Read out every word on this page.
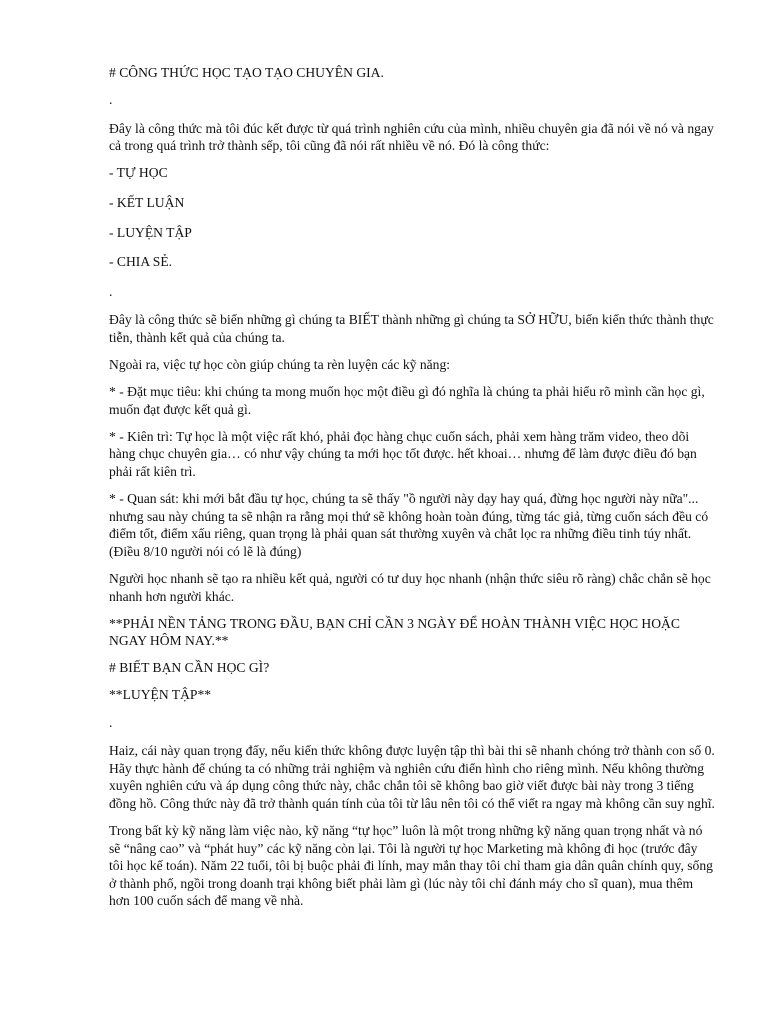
# CÔNG THỨC HỌC TẠO TẠO CHUYÊN GIA.

.

Đây là công thức mà tôi đúc kết được từ quá trình nghiên cứu của mình, nhiều chuyên gia đã nói về nó và ngay cả trong quá trình trở thành sếp, tôi cũng đã nói rất nhiều về nó. Đó là công thức:

- TỰ HỌC

- KẾT LUẬN

- LUYỆN TẬP

- CHIA SẺ.

.

Đây là công thức sẽ biến những gì chúng ta BIẾT thành những gì chúng ta SỞ HỮU, biến kiến thức thành thực tiễn, thành kết quả của chúng ta.

Ngoài ra, việc tự học còn giúp chúng ta rèn luyện các kỹ năng:

* - Đặt mục tiêu: khi chúng ta mong muốn học một điều gì đó nghĩa là chúng ta phải hiểu rõ mình cần học gì, muốn đạt được kết quả gì.

* - Kiên trì: Tự học là một việc rất khó, phải đọc hàng chục cuốn sách, phải xem hàng trăm video, theo dõi hàng chục chuyên gia… có như vậy chúng ta mới học tốt được. hết khoai… nhưng để làm được điều đó bạn phải rất kiên trì.

* - Quan sát: khi mới bắt đầu tự học, chúng ta sẽ thấy "ồ người này dạy hay quá, đừng học người này nữa"... nhưng sau này chúng ta sẽ nhận ra rằng mọi thứ sẽ không hoàn toàn đúng, từng tác giả, từng cuốn sách đều có điểm tốt, điểm xấu riêng, quan trọng là phải quan sát thường xuyên và chắt lọc ra những điều tinh túy nhất. (Điều 8/10 người nói có lẽ là đúng)

Người học nhanh sẽ tạo ra nhiều kết quả, người có tư duy học nhanh (nhận thức siêu rõ ràng) chắc chắn sẽ học nhanh hơn người khác.

**PHẢI NỀN TẢNG TRONG ĐẦU, BẠN CHỈ CẦN 3 NGÀY ĐỂ HOÀN THÀNH VIỆC HỌC HOẶC NGAY HÔM NAY.**

# BIẾT BẠN CẦN HỌC GÌ?

**LUYỆN TẬP**

.

Haiz, cái này quan trọng đấy, nếu kiến thức không được luyện tập thì bài thi sẽ nhanh chóng trở thành con số 0. Hãy thực hành để chúng ta có những trải nghiệm và nghiên cứu điển hình cho riêng mình. Nếu không thường xuyên nghiên cứu và áp dụng công thức này, chắc chắn tôi sẽ không bao giờ viết được bài này trong 3 tiếng đồng hồ. Công thức này đã trở thành quán tính của tôi từ lâu nên tôi có thể viết ra ngay mà không cần suy nghĩ.

Trong bất kỳ kỹ năng làm việc nào, kỹ năng “tự học” luôn là một trong những kỹ năng quan trọng nhất và nó sẽ “nâng cao” và “phát huy” các kỹ năng còn lại. Tôi là người tự học Marketing mà không đi học (trước đây tôi học kế toán). Năm 22 tuổi, tôi bị buộc phải đi lính, may mắn thay tôi chỉ tham gia dân quân chính quy, sống ở thành phố, ngồi trong doanh trại không biết phải làm gì (lúc này tôi chỉ đánh máy cho sĩ quan), mua thêm hơn 100 cuốn sách để mang về nhà.
